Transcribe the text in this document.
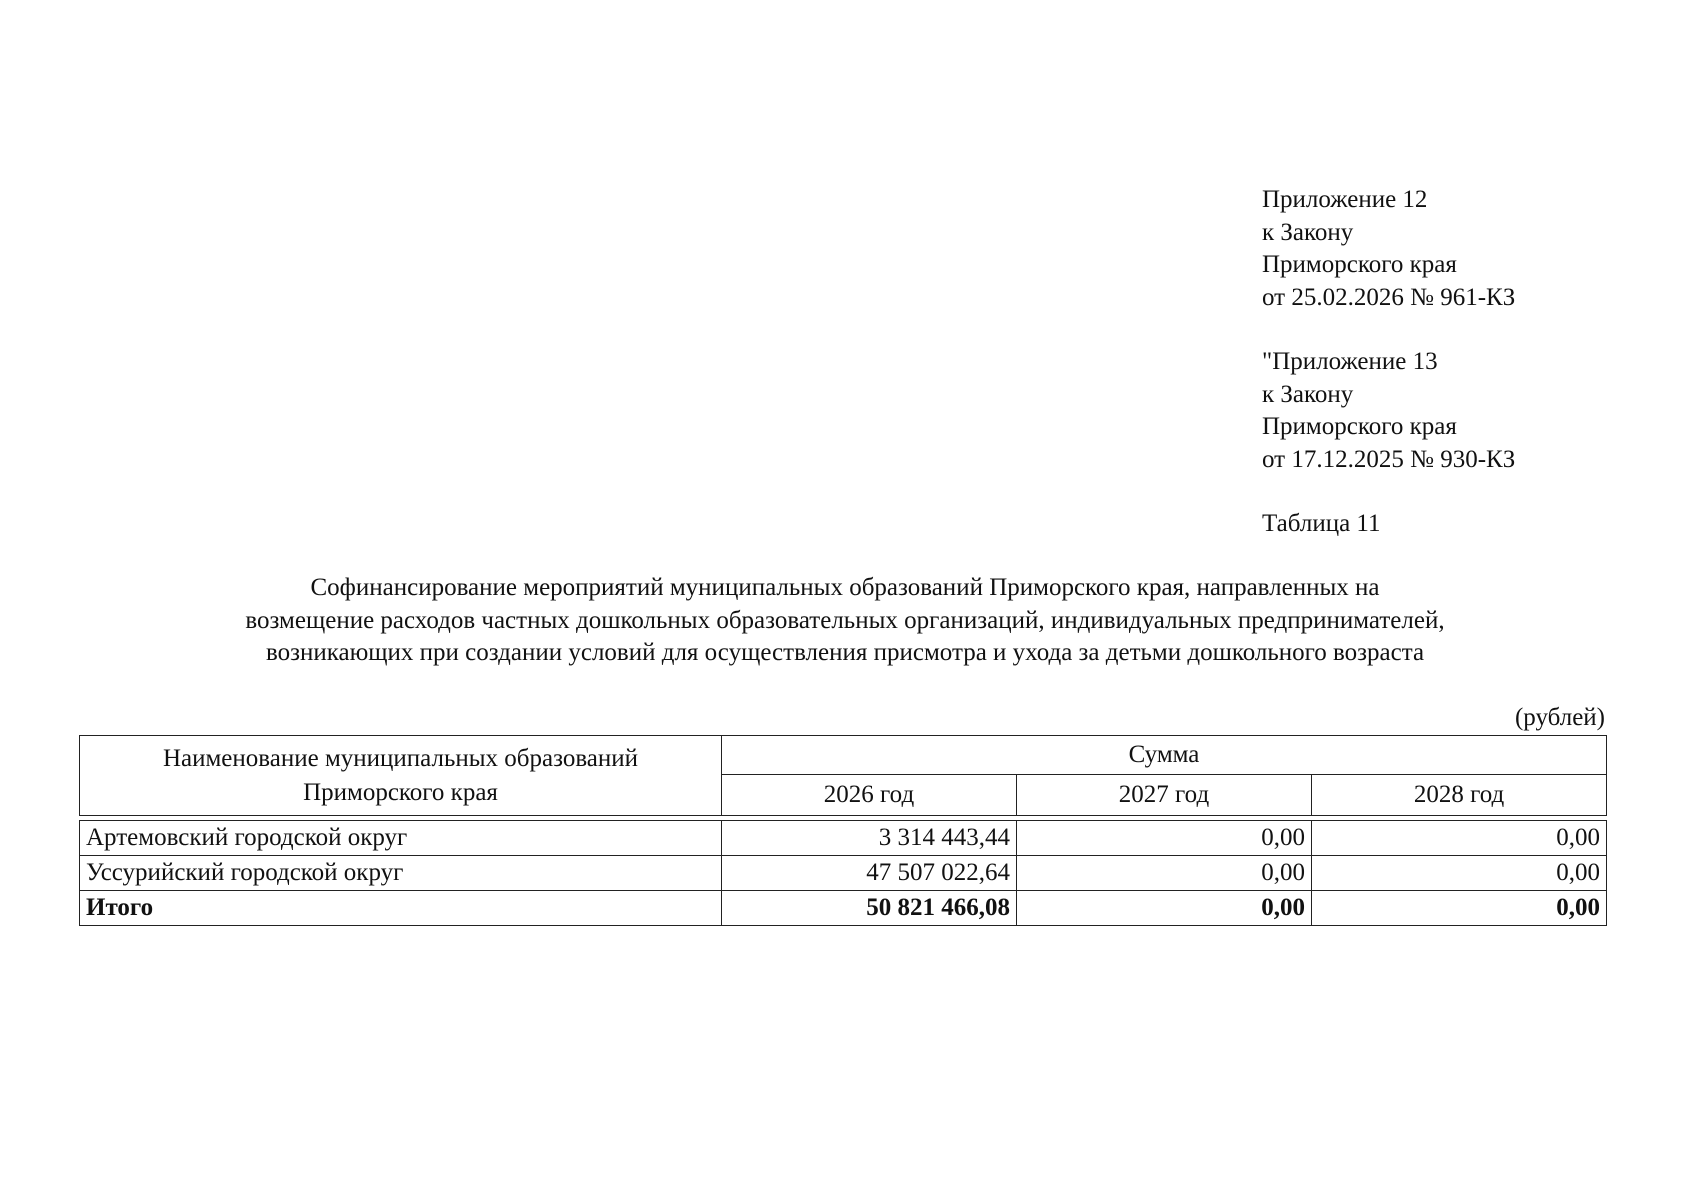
Приложение 12
к Закону
Приморского края
от 25.02.2026 № 961-КЗ
"Приложение 13
к Закону
Приморского края
от 17.12.2025 № 930-КЗ
Таблица 11
Софинансирование мероприятий муниципальных образований Приморского края, направленных на
возмещение расходов частных дошкольных образовательных организаций, индивидуальных предпринимателей,
возникающих при создании условий для осуществления присмотра и ухода за детьми дошкольного возраста
(рублей)
Наименование муниципальных образований Приморского края	Сумма		
	2026 год	2027 год	2028 год
Артемовский городской округ	3 314 443,44	0,00	0,00
Уссурийский городской округ	47 507 022,64	0,00	0,00
Итого	50 821 466,08	0,00	0,00
